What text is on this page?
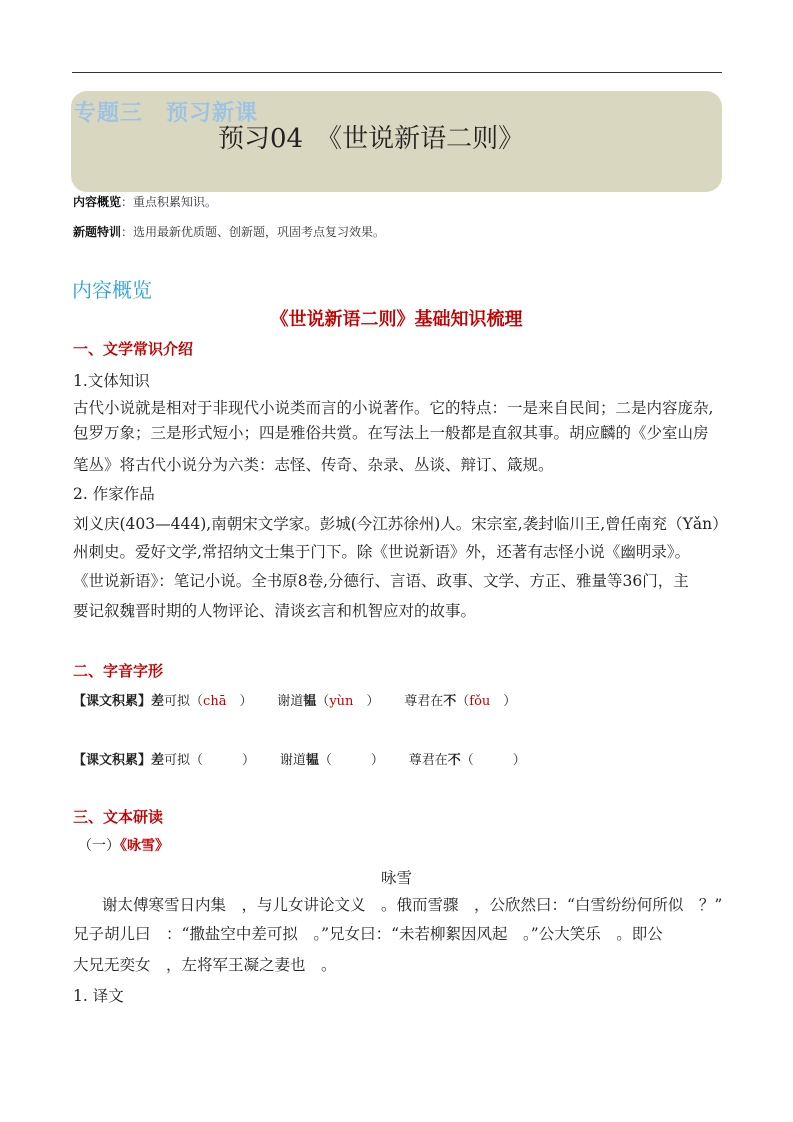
专题三　预习新课
预习04　《世说新语二则》
内容概览：重点积累知识。
新题特训：选用最新优质题、创新题，巩固考点复习效果。
内容概览
《世说新语二则》基础知识梳理
一、文学常识介绍
1.文体知识
古代小说就是相对于非现代小说类而言的小说著作。它的特点：一是来自民间；二是内容庞杂,
包罗万象；三是形式短小；四是雅俗共赏。在写法上一般都是直叙其事。胡应麟的《少室山房
笔丛》将古代小说分为六类：志怪、传奇、杂录、丛谈、辩订、箴规。
2. 作家作品
刘义庆(403—444),南朝宋文学家。彭城(今江苏徐州)人。宋宗室,袭封临川王,曾任南兖（Yǎn）
州刺史。爱好文学,常招纳文士集于门下。除《世说新语》外，还著有志怪小说《幽明录》。
《世说新语》：笔记小说。全书原8卷,分德行、言语、政事、文学、方正、雅量等36门，主
要记叙魏晋时期的人物评论、清谈玄言和机智应对的故事。
二、字音字形
【课文积累】差可拟（chā　） 谢道韫（yùn　） 尊君在不（fǒu　）
【课文积累】差可拟（　　　） 谢道韫（　　　） 尊君在不（　　　）
三、文本研读
（一）《咏雪》
咏雪
谢太傅寒雪日内集　，与儿女讲论文义　。俄而雪骤　，公欣然曰：“白雪纷纷何所似　？”
兄子胡儿曰　：“撒盐空中差可拟　。”兄女曰：“未若柳絮因风起　。”公大笑乐　。即公
大兄无奕女　，左将军王凝之妻也　。
1. 译文
